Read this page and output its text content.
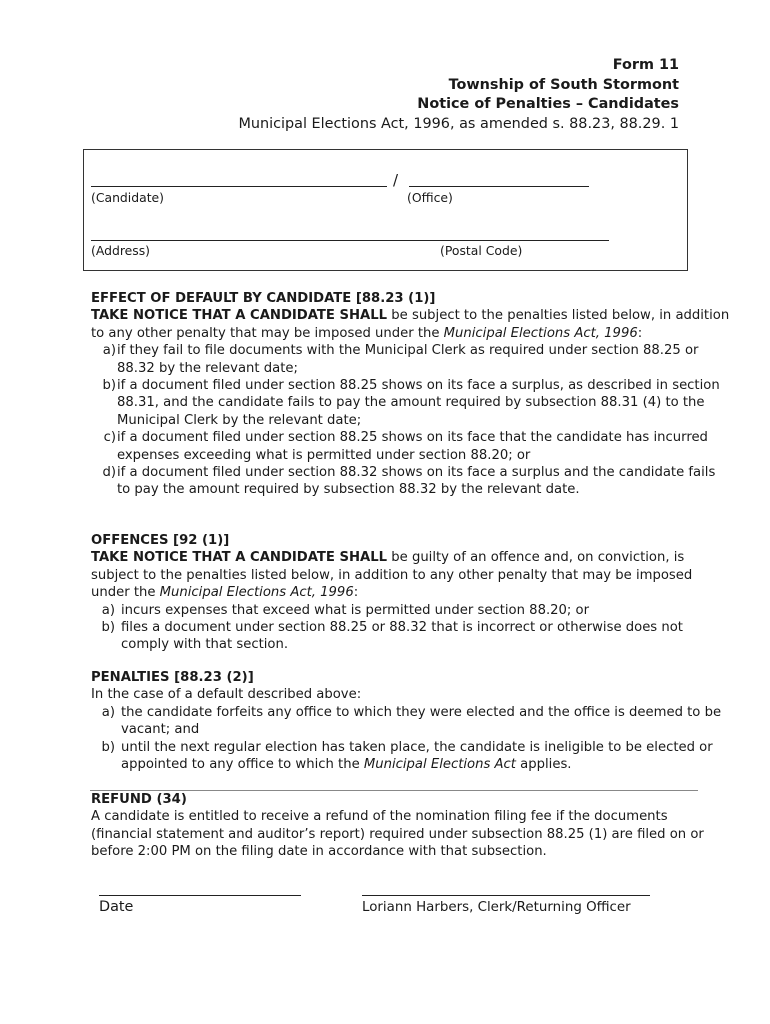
Form 11
Township of South Stormont
Notice of Penalties – Candidates
Municipal Elections Act, 1996, as amended s. 88.23, 88.29. 1
/
(Candidate)	(Office)
(Address)	(Postal Code)
EFFECT OF DEFAULT BY CANDIDATE [88.23 (1)]
TAKE NOTICE THAT A CANDIDATE SHALL be subject to the penalties listed below, in addition to any other penalty that may be imposed under the Municipal Elections Act, 1996:
a) if they fail to file documents with the Municipal Clerk as required under section 88.25 or 88.32 by the relevant date;
b) if a document filed under section 88.25 shows on its face a surplus, as described in section 88.31, and the candidate fails to pay the amount required by subsection 88.31 (4) to the Municipal Clerk by the relevant date;
c) if a document filed under section 88.25 shows on its face that the candidate has incurred expenses exceeding what is permitted under section 88.20; or
d) if a document filed under section 88.32 shows on its face a surplus and the candidate fails to pay the amount required by subsection 88.32 by the relevant date.
OFFENCES [92 (1)]
TAKE NOTICE THAT A CANDIDATE SHALL be guilty of an offence and, on conviction, is subject to the penalties listed below, in addition to any other penalty that may be imposed under the Municipal Elections Act, 1996:
a) incurs expenses that exceed what is permitted under section 88.20; or
b) files a document under section 88.25 or 88.32 that is incorrect or otherwise does not comply with that section.
PENALTIES [88.23 (2)]
In the case of a default described above:
a) the candidate forfeits any office to which they were elected and the office is deemed to be vacant; and
b) until the next regular election has taken place, the candidate is ineligible to be elected or appointed to any office to which the Municipal Elections Act applies.
REFUND (34)
A candidate is entitled to receive a refund of the nomination filing fee if the documents (financial statement and auditor’s report) required under subsection 88.25 (1) are filed on or before 2:00 PM on the filing date in accordance with that subsection.
Date	Loriann Harbers, Clerk/Returning Officer
